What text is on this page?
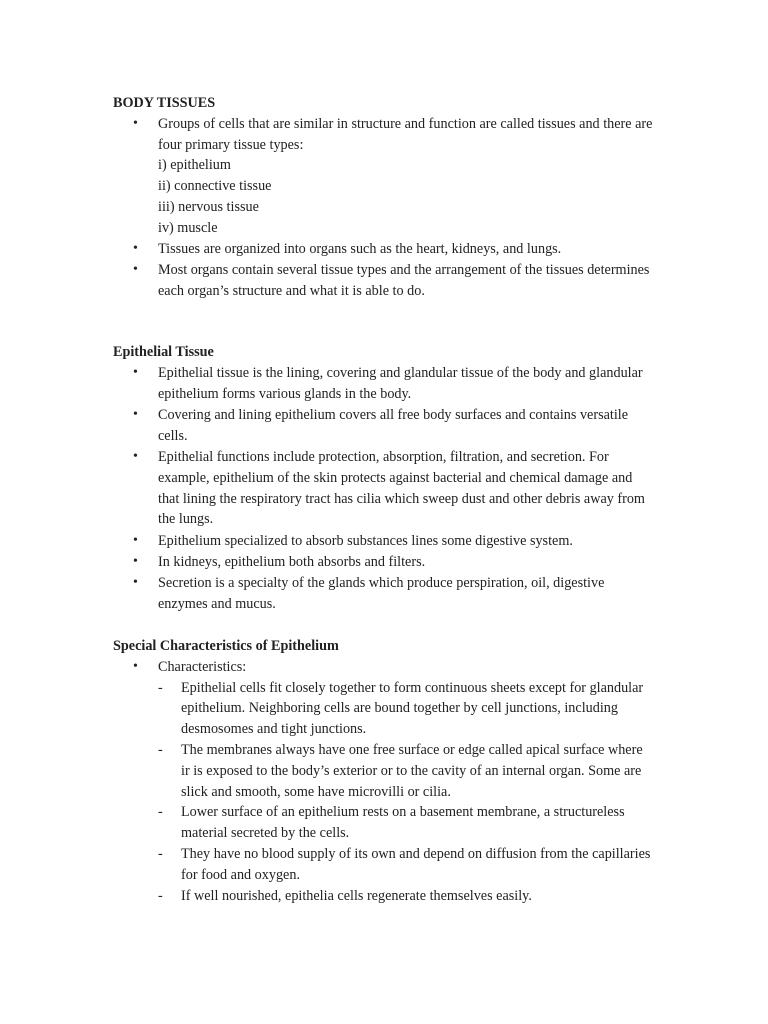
BODY TISSUES

• Groups of cells that are similar in structure and function are called tissues and there are four primary tissue types:
i) epithelium
ii) connective tissue
iii) nervous tissue
iv) muscle
• Tissues are organized into organs such as the heart, kidneys, and lungs.
• Most organs contain several tissue types and the arrangement of the tissues determines each organ’s structure and what it is able to do.

Epithelial Tissue

• Epithelial tissue is the lining, covering and glandular tissue of the body and glandular epithelium forms various glands in the body.
• Covering and lining epithelium covers all free body surfaces and contains versatile cells.
• Epithelial functions include protection, absorption, filtration, and secretion. For example, epithelium of the skin protects against bacterial and chemical damage and that lining the respiratory tract has cilia which sweep dust and other debris away from the lungs.
• Epithelium specialized to absorb substances lines some digestive system.
• In kidneys, epithelium both absorbs and filters.
• Secretion is a specialty of the glands which produce perspiration, oil, digestive enzymes and mucus.

Special Characteristics of Epithelium

• Characteristics:
- Epithelial cells fit closely together to form continuous sheets except for glandular epithelium. Neighboring cells are bound together by cell junctions, including desmosomes and tight junctions.
- The membranes always have one free surface or edge called apical surface where ir is exposed to the body’s exterior or to the cavity of an internal organ. Some are slick and smooth, some have microvilli or cilia.
- Lower surface of an epithelium rests on a basement membrane, a structureless material secreted by the cells.
- They have no blood supply of its own and depend on diffusion from the capillaries for food and oxygen.
- If well nourished, epithelia cells regenerate themselves easily.
